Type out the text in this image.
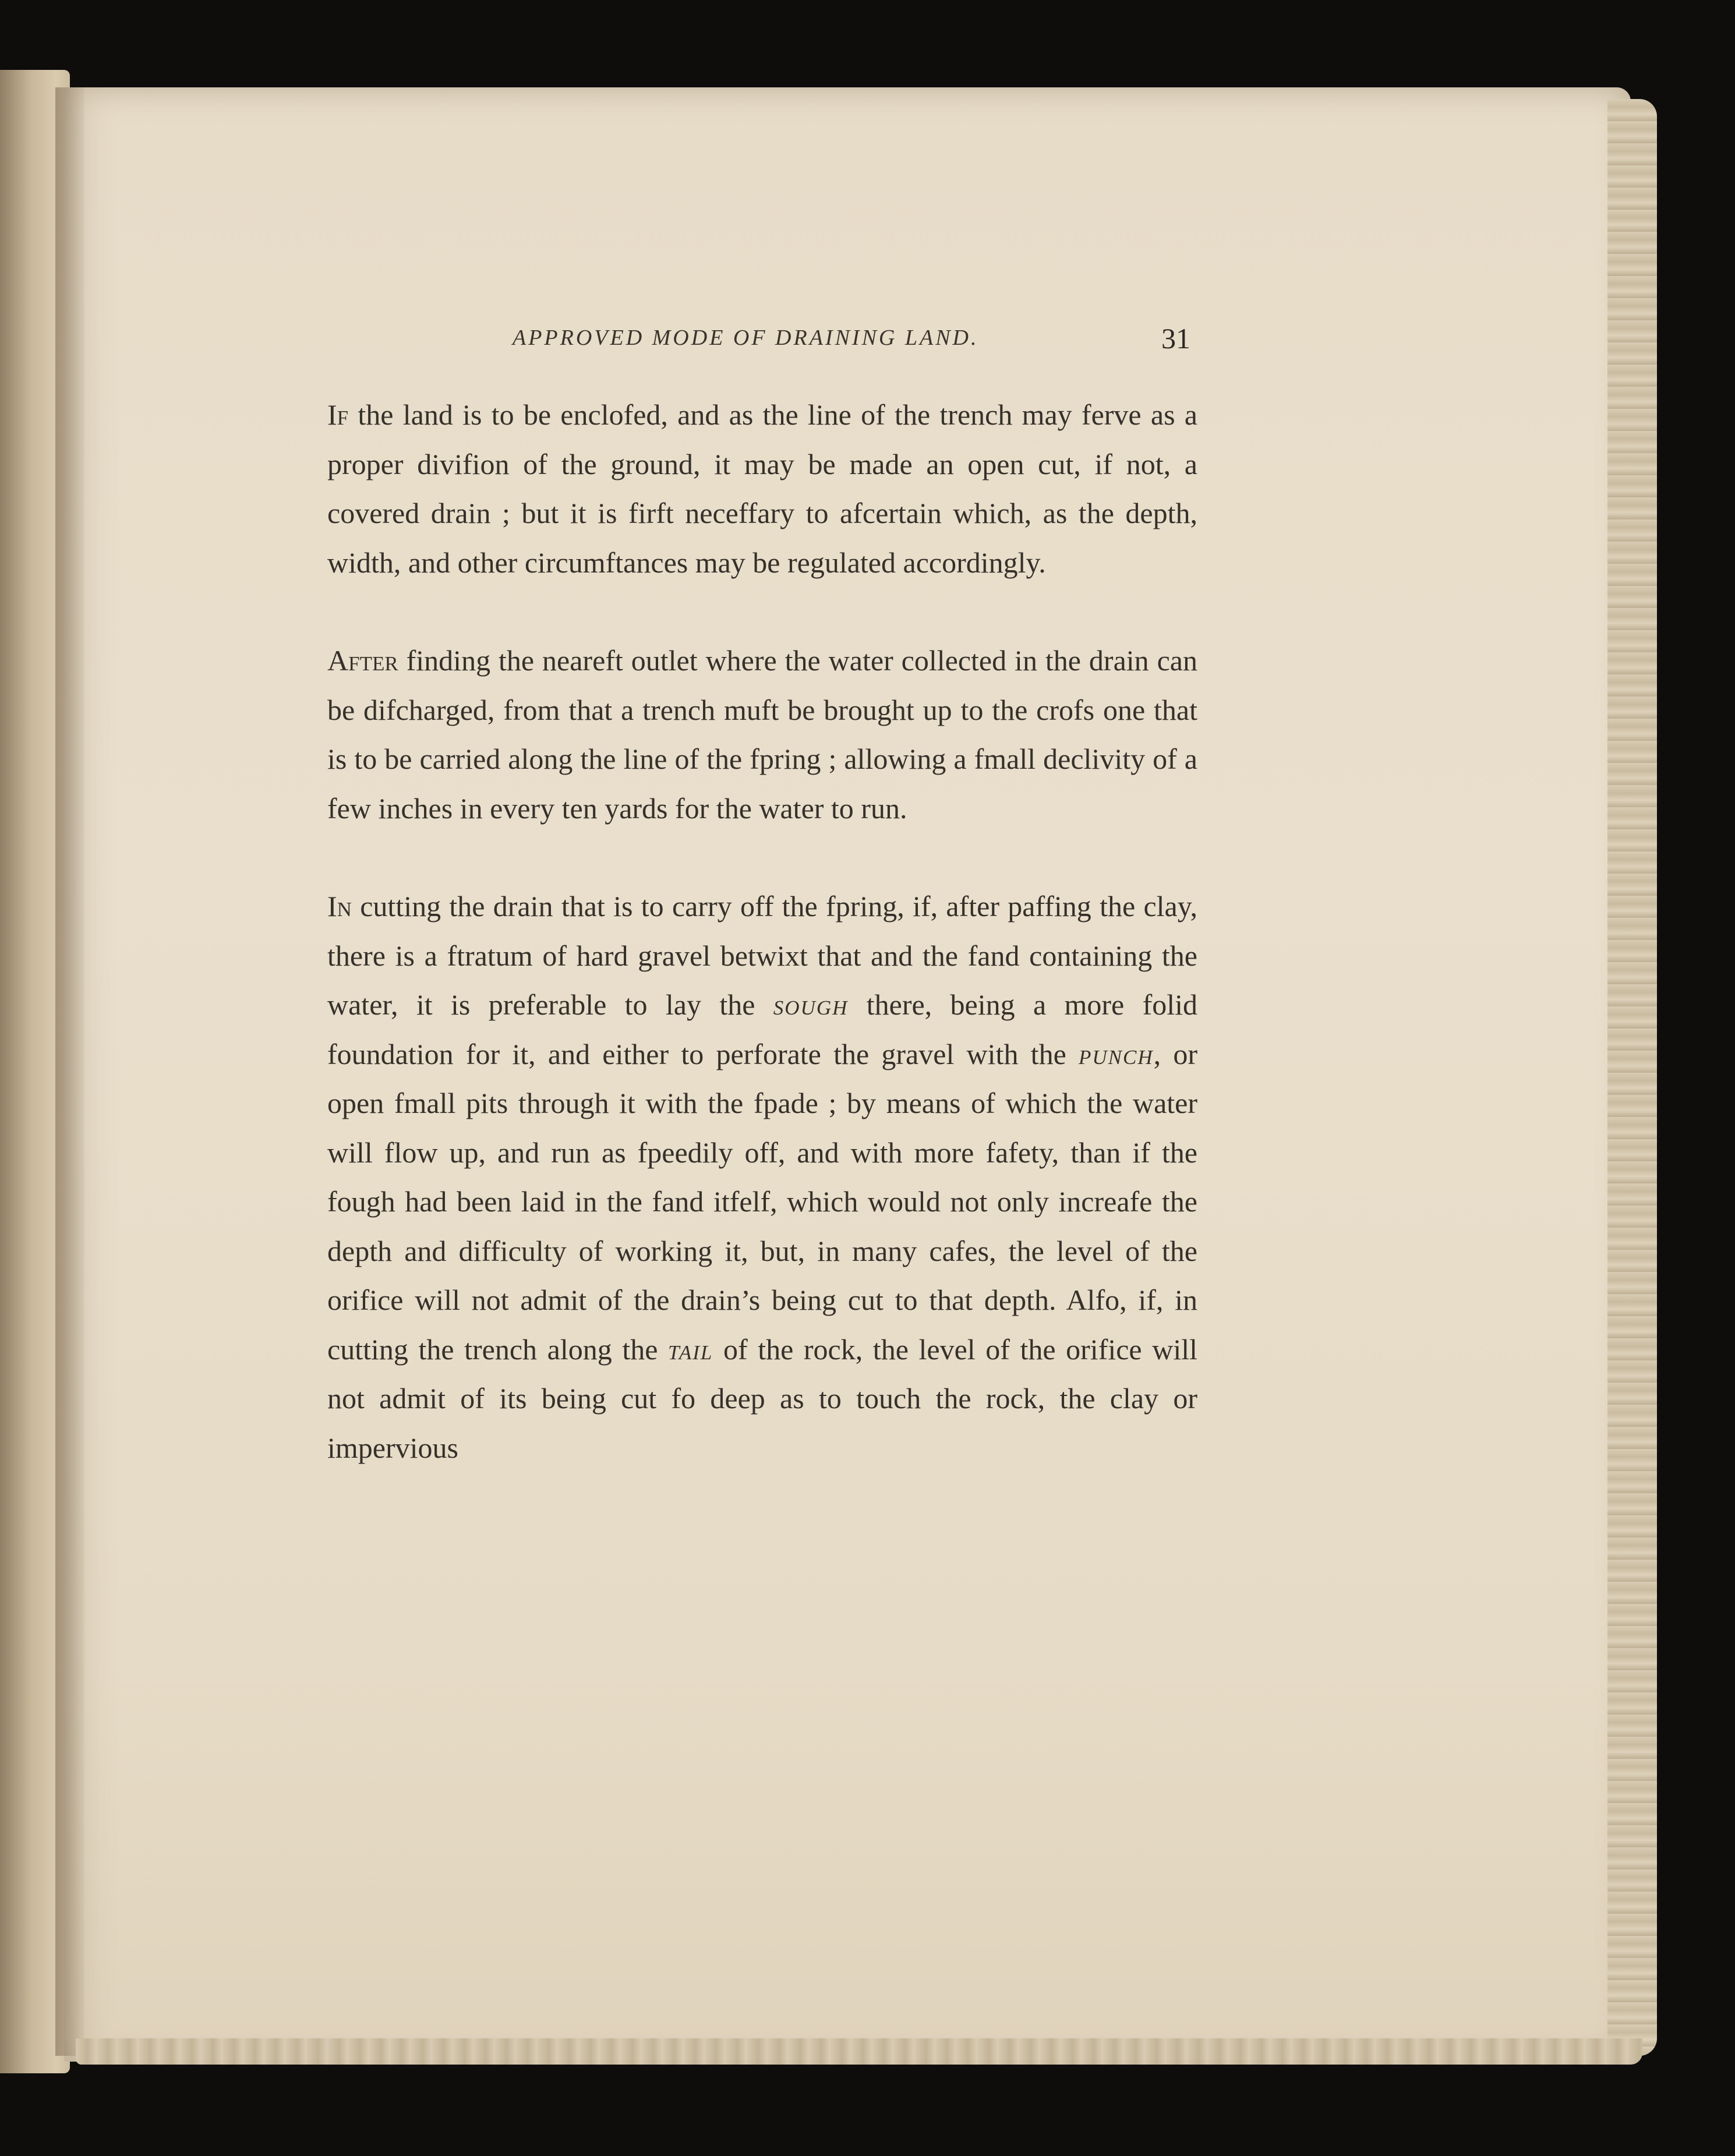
APPROVED MODE OF DRAINING LAND.	31

If the land is to be enclofed, and as the line of the trench may ferve as a proper divifion of the ground, it may be made an open cut, if not, a covered drain ; but it is firft neceffary to afcertain which, as the depth, width, and other circumftances may be regulated accordingly.

After finding the neareft outlet where the water collected in the drain can be difcharged, from that a trench muft be brought up to the crofs one that is to be carried along the line of the fpring ; allowing a fmall declivity of a few inches in every ten yards for the water to run.

In cutting the drain that is to carry off the fpring, if, after paffing the clay, there is a ftratum of hard gravel betwixt that and the fand containing the water, it is preferable to lay the sough there, being a more folid foundation for it, and either to perforate the gravel with the punch, or open fmall pits through it with the fpade ; by means of which the water will flow up, and run as fpeedily off, and with more fafety, than if the fough had been laid in the fand itfelf, which would not only increafe the depth and difficulty of working it, but, in many cafes, the level of the orifice will not admit of the drain’s being cut to that depth. Alfo, if, in cutting the trench along the tail of the rock, the level of the orifice will not admit of its being cut fo deep as to touch the rock, the clay or impervious
